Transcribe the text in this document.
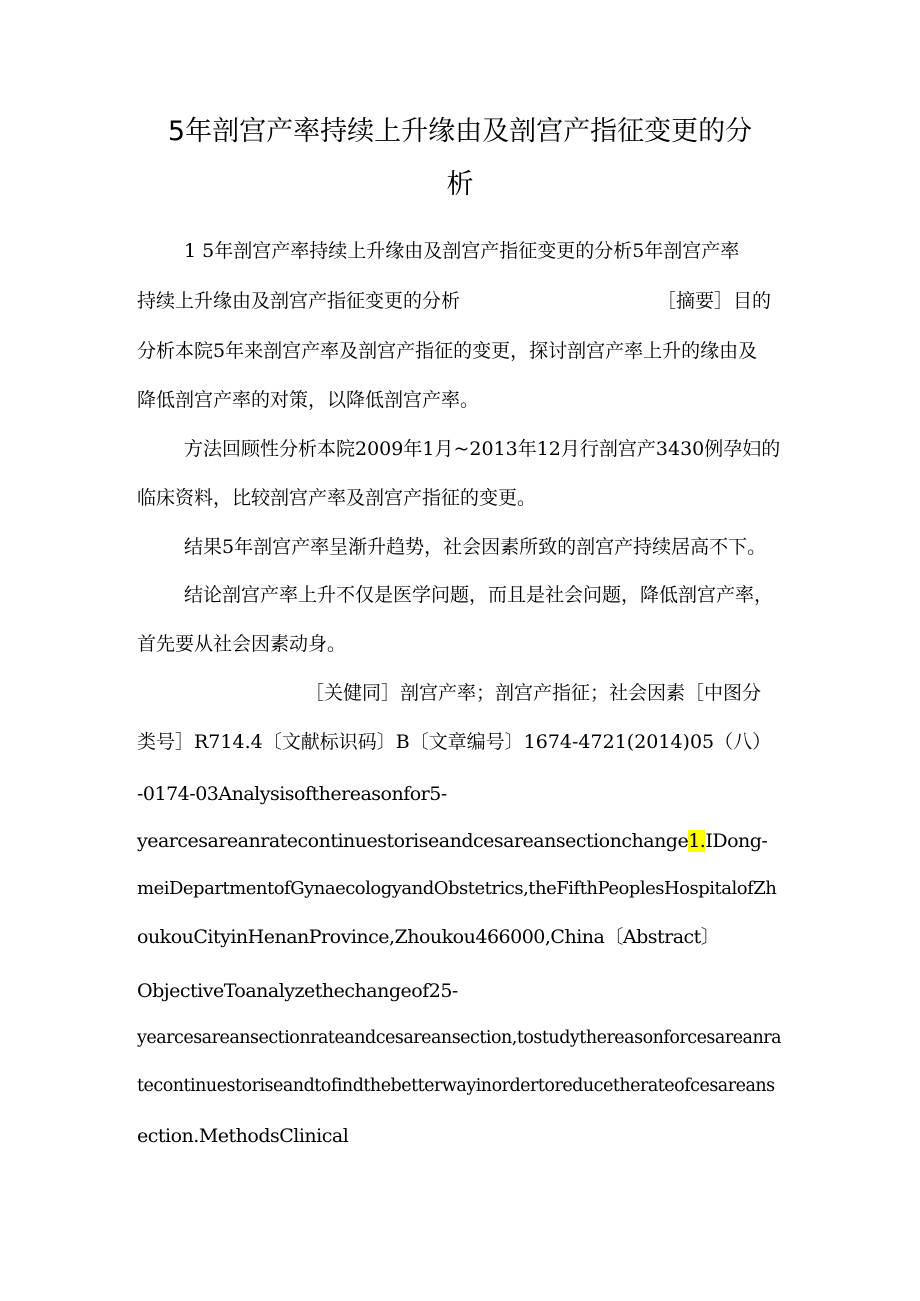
5年剖宫产率持续上升缘由及剖宫产指征变更的分
析
1 5年剖宫产率持续上升缘由及剖宫产指征变更的分析5年剖宫产率
持续上升缘由及剖宫产指征变更的分析	［摘要］目的
分析本院5年来剖宫产率及剖宫产指征的变更，探讨剖宫产率上升的缘由及
降低剖宫产率的对策，以降低剖宫产率。
方法回顾性分析本院2009年1月~2013年12月行剖宫产3430例孕妇的
临床资料，比较剖宫产率及剖宫产指征的变更。
结果5年剖宫产率呈渐升趋势，社会因素所致的剖宫产持续居高不下。
结论剖宫产率上升不仅是医学问题，而且是社会问题，降低剖宫产率，
首先要从社会因素动身。
［关健同］剖宫产率；剖宫产指征；社会因素［中图分
类号］R714.4〔文献标识码〕B〔文章编号〕1674-4721(2014)05（八）
-0174-03Analysisofthereasonfor5-
yearcesareanratecontinuestoriseandcesareansectionchange1.IDong-
meiDepartmentofGynaecologyandObstetrics,theFifthPeoplesHospitalofZh
oukouCityinHenanProvince,Zhoukou466000,China〔Abstract〕
ObjectiveToanalyzethechangeof25-
yearcesareansectionrateandcesareansection,tostudythereasonforcesareanra
tecontinuestoriseandtofindthebetterwayinordertoreducetherateofcesareans
ection.MethodsClinical
